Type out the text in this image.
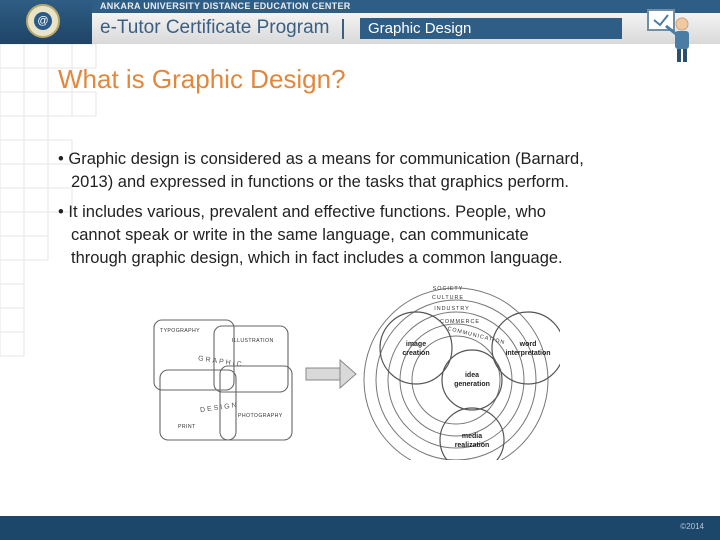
@
ANKARA UNIVERSITY DISTANCE EDUCATION CENTER
e-Tutor Certificate Program	Graphic Design
What is Graphic Design?
• Graphic design is considered as a means for communication (Barnard,
2013) and expressed in functions or the tasks that graphics perform.
• It includes various, prevalent and effective functions. People, who
cannot speak or write in the same language, can communicate
through graphic design, which in fact includes a common language.
TYPOGRAPHY
ILLUSTRATION
PRINT
PHOTOGRAPHY
GRAPHIC
DESIGN
SOCIETY
CULTURE
INDUSTRY
COMMERCE
COMMUNICATION
image
creation
word
interpretation
idea
generation
media
realization
©2014
